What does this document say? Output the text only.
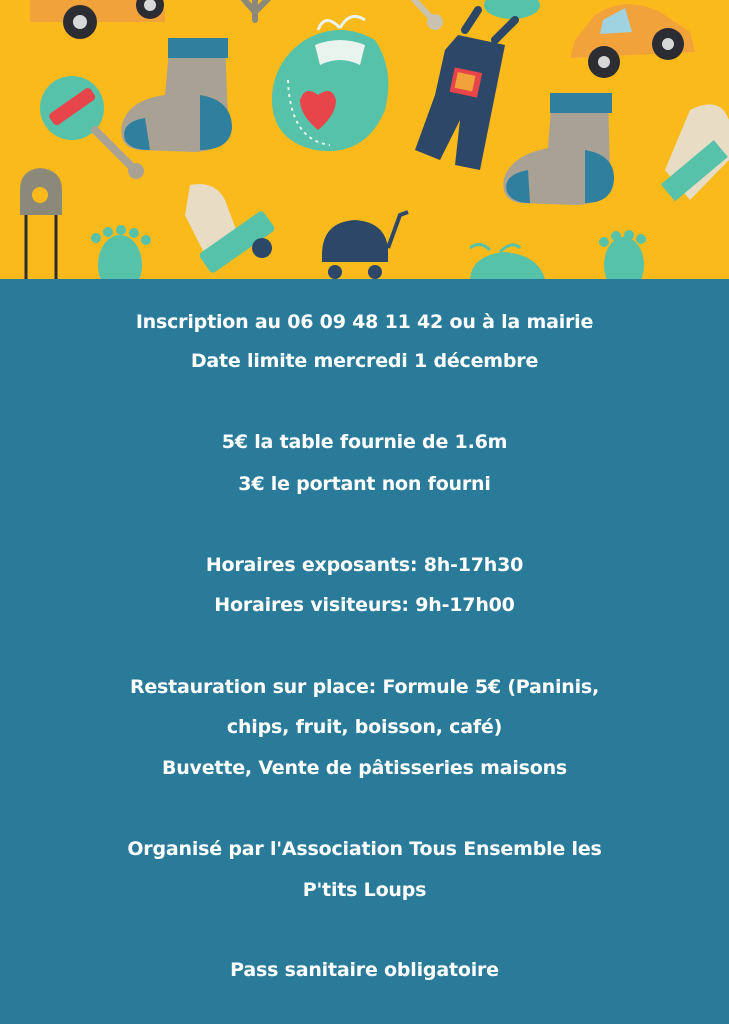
Inscription au 06 09 48 11 42 ou à la mairie
Date limite mercredi 1 décembre
5€ la table fournie de 1.6m
3€ le portant non fourni
Horaires exposants: 8h-17h30
Horaires visiteurs: 9h-17h00
Restauration sur place: Formule 5€ (Paninis,
chips, fruit, boisson, café)
Buvette, Vente de pâtisseries maisons
Organisé par l'Association Tous Ensemble les
P'tits Loups
Pass sanitaire obligatoire
